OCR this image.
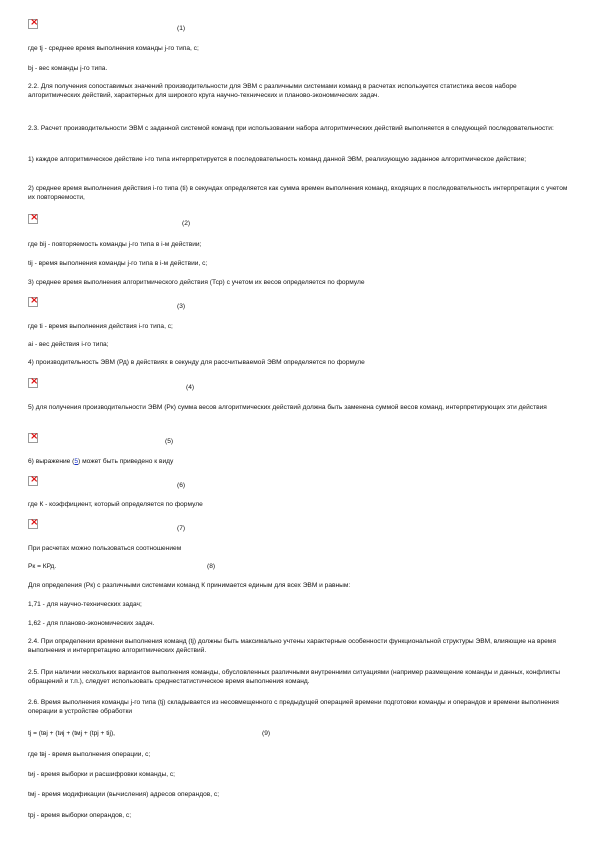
×
(1)
где tj - среднее время выполнения команды j-го типа, с;
bj - вес команды j-го типа.
2.2. Для получения сопоставимых значений производительности для ЭВМ с различными системами команд в расчетах используется статистика весов наборе алгоритмических действий, характерных для широкого круга научно-технических и планово-экономических задач.
2.3. Расчет производительности ЭВМ с заданной системой команд при использовании набора алгоритмических действий выполняется в следующей последовательности:
1) каждое алгоритмическое действие i-го типа интерпретируется в последовательность команд данной ЭВМ, реализующую заданное алгоритмическое действие;
2) среднее время выполнения действия i-го типа (ti) в секундах определяется как сумма времен выполнения команд, входящих в последовательность интерпретации с учетом их повторяемости,
×
(2)
где bij - повторяемость команды j-го типа в i-м действии;
tij - время выполнения команды j-го типа в i-м действии, с;
3) среднее время выполнения алгоритмического действия (Тср) с учетом их весов определяется по формуле
×
(3)
где ti - время выполнения действия i-го типа, с;
ai - вес действия i-го типа;
4) производительность ЭВМ (Рд) в действиях в секунду для рассчитываемой ЭВМ определяется по формуле
×
(4)
5) для получения производительности ЭВМ (Рк) сумма весов алгоритмических действий должна быть заменена суммой весов команд, интерпретирующих эти действия
×
(5)
6) выражение (5) может быть приведено к виду
×
(6)
где К - коэффициент, который определяется по формуле
×
(7)
При расчетах можно пользоваться соотношением
Рк = КРд.	(8)
Для определения (Рк) с различными системами команд К принимается единым для всех ЭВМ и равным:
1,71 - для научно-технических задач;
1,62 - для планово-экономических задач.
2.4. При определении времени выполнения команд (tj) должны быть максимально учтены характерные особенности функциональной структуры ЭВМ, влияющие на время выполнения и интерпретацию алгоритмических действий.
2.5. При наличии нескольких вариантов выполнения команды, обусловленных различными внутренними ситуациями (например размещение команды и данных, конфликты обращений и т.п.), следует использовать среднестатистическое время выполнения команд.
2.6. Время выполнения команды j-го типа (tj) складывается из несовмещенного с предыдущей операцией времени подготовки команды и операндов и времени выполнения операции в устройстве обработки
tj = (tвj + (tиj + (tмj + (tрj + tij),	(9)
где tвj - время выполнения операции, с;
tиj - время выборки и расшифровки команды, с;
tмj - время модификации (вычисления) адресов операндов, с;
tрj - время выборки операндов, с;
